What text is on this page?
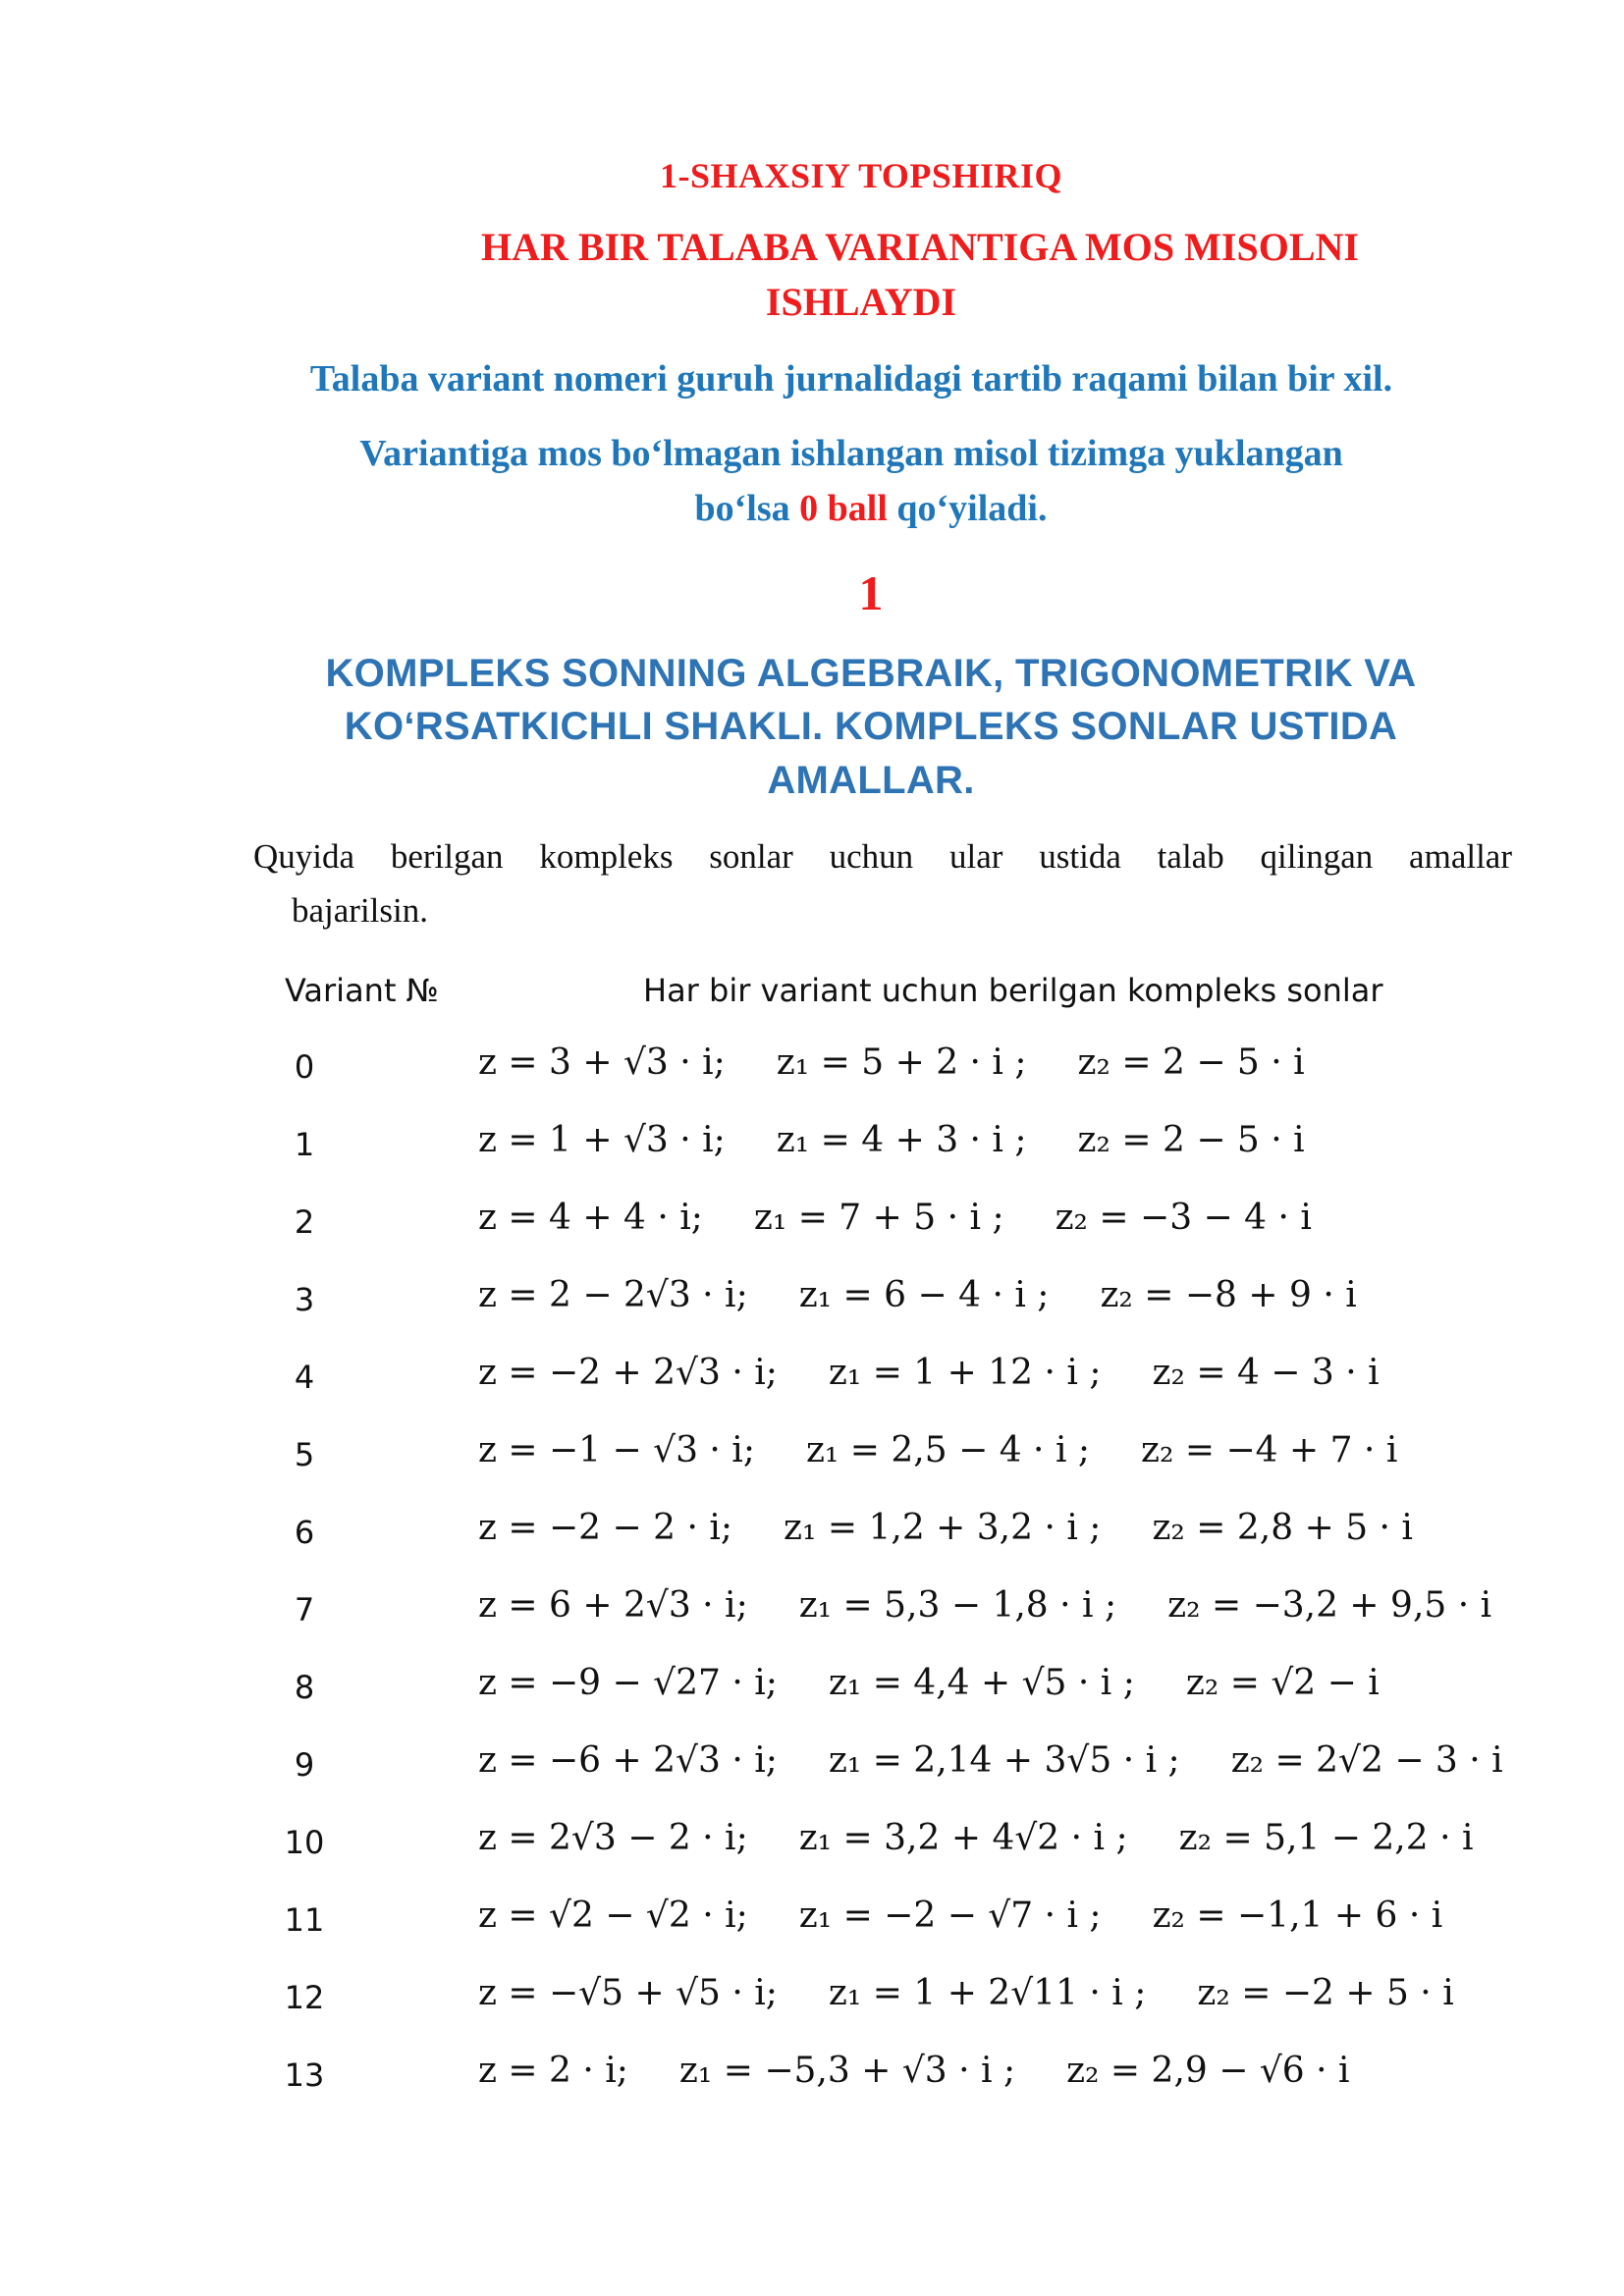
1-SHAXSIY TOPSHIRIQ
HAR BIR TALABA VARIANTIGA MOS MISOLNI
ISHLAYDI
Talaba variant nomeri guruh jurnalidagi tartib raqami bilan bir xil.
Variantiga mos bo‘lmagan ishlangan misol tizimga yuklangan
bo‘lsa 0 ball qo‘yiladi.
1
KOMPLEKS SONNING ALGEBRAIK, TRIGONOMETRIK VA
KO‘RSATKICHLI SHAKLI. KOMPLEKS SONLAR USTIDA
AMALLAR.
Quyida berilgan kompleks sonlar uchun ular ustida talab qilingan amallar
bajarilsin.
Variant №	Har bir variant uchun berilgan kompleks sonlar
0	z = 3 + √3 · i; z₁ = 5 + 2 · i ; z₂ = 2 − 5 · i
1	z = 1 + √3 · i; z₁ = 4 + 3 · i ; z₂ = 2 − 5 · i
2	z = 4 + 4 · i; z₁ = 7 + 5 · i ; z₂ = −3 − 4 · i
3	z = 2 − 2√3 · i; z₁ = 6 − 4 · i ; z₂ = −8 + 9 · i
4	z = −2 + 2√3 · i; z₁ = 1 + 12 · i ; z₂ = 4 − 3 · i
5	z = −1 − √3 · i; z₁ = 2,5 − 4 · i ; z₂ = −4 + 7 · i
6	z = −2 − 2 · i; z₁ = 1,2 + 3,2 · i ; z₂ = 2,8 + 5 · i
7	z = 6 + 2√3 · i; z₁ = 5,3 − 1,8 · i ; z₂ = −3,2 + 9,5 · i
8	z = −9 − √27 · i; z₁ = 4,4 + √5 · i ; z₂ = √2 − i
9	z = −6 + 2√3 · i; z₁ = 2,14 + 3√5 · i ; z₂ = 2√2 − 3 · i
10	z = 2√3 − 2 · i; z₁ = 3,2 + 4√2 · i ; z₂ = 5,1 − 2,2 · i
11	z = √2 − √2 · i; z₁ = −2 − √7 · i ; z₂ = −1,1 + 6 · i
12	z = −√5 + √5 · i; z₁ = 1 + 2√11 · i ; z₂ = −2 + 5 · i
13	z = 2 · i; z₁ = −5,3 + √3 · i ; z₂ = 2,9 − √6 · i
